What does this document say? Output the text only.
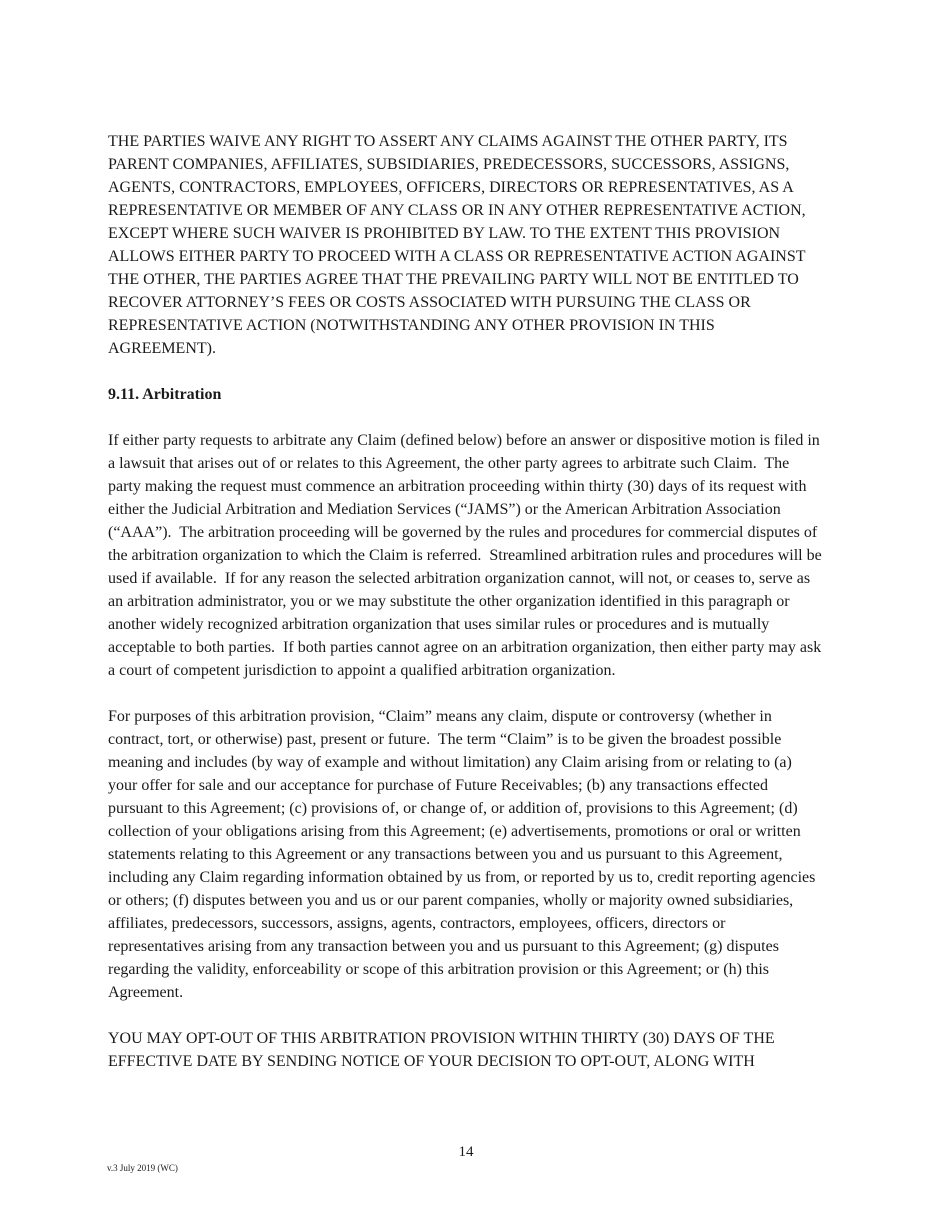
THE PARTIES WAIVE ANY RIGHT TO ASSERT ANY CLAIMS AGAINST THE OTHER PARTY, ITS PARENT COMPANIES, AFFILIATES, SUBSIDIARIES, PREDECESSORS, SUCCESSORS, ASSIGNS, AGENTS, CONTRACTORS, EMPLOYEES, OFFICERS, DIRECTORS OR REPRESENTATIVES, AS A REPRESENTATIVE OR MEMBER OF ANY CLASS OR IN ANY OTHER REPRESENTATIVE ACTION, EXCEPT WHERE SUCH WAIVER IS PROHIBITED BY LAW. TO THE EXTENT THIS PROVISION ALLOWS EITHER PARTY TO PROCEED WITH A CLASS OR REPRESENTATIVE ACTION AGAINST THE OTHER, THE PARTIES AGREE THAT THE PREVAILING PARTY WILL NOT BE ENTITLED TO RECOVER ATTORNEY’S FEES OR COSTS ASSOCIATED WITH PURSUING THE CLASS OR REPRESENTATIVE ACTION (NOTWITHSTANDING ANY OTHER PROVISION IN THIS AGREEMENT).

9.11. Arbitration

If either party requests to arbitrate any Claim (defined below) before an answer or dispositive motion is filed in a lawsuit that arises out of or relates to this Agreement, the other party agrees to arbitrate such Claim.  The party making the request must commence an arbitration proceeding within thirty (30) days of its request with either the Judicial Arbitration and Mediation Services (“JAMS”) or the American Arbitration Association (“AAA”).  The arbitration proceeding will be governed by the rules and procedures for commercial disputes of the arbitration organization to which the Claim is referred.  Streamlined arbitration rules and procedures will be used if available.  If for any reason the selected arbitration organization cannot, will not, or ceases to, serve as an arbitration administrator, you or we may substitute the other organization identified in this paragraph or another widely recognized arbitration organization that uses similar rules or procedures and is mutually acceptable to both parties.  If both parties cannot agree on an arbitration organization, then either party may ask a court of competent jurisdiction to appoint a qualified arbitration organization.

For purposes of this arbitration provision, “Claim” means any claim, dispute or controversy (whether in contract, tort, or otherwise) past, present or future.  The term “Claim” is to be given the broadest possible meaning and includes (by way of example and without limitation) any Claim arising from or relating to (a) your offer for sale and our acceptance for purchase of Future Receivables; (b) any transactions effected pursuant to this Agreement; (c) provisions of, or change of, or addition of, provisions to this Agreement; (d) collection of your obligations arising from this Agreement; (e) advertisements, promotions or oral or written statements relating to this Agreement or any transactions between you and us pursuant to this Agreement, including any Claim regarding information obtained by us from, or reported by us to, credit reporting agencies or others; (f) disputes between you and us or our parent companies, wholly or majority owned subsidiaries, affiliates, predecessors, successors, assigns, agents, contractors, employees, officers, directors or representatives arising from any transaction between you and us pursuant to this Agreement; (g) disputes regarding the validity, enforceability or scope of this arbitration provision or this Agreement; or (h) this Agreement.

YOU MAY OPT-OUT OF THIS ARBITRATION PROVISION WITHIN THIRTY (30) DAYS OF THE EFFECTIVE DATE BY SENDING NOTICE OF YOUR DECISION TO OPT-OUT, ALONG WITH

14
v.3 July 2019 (WC)
